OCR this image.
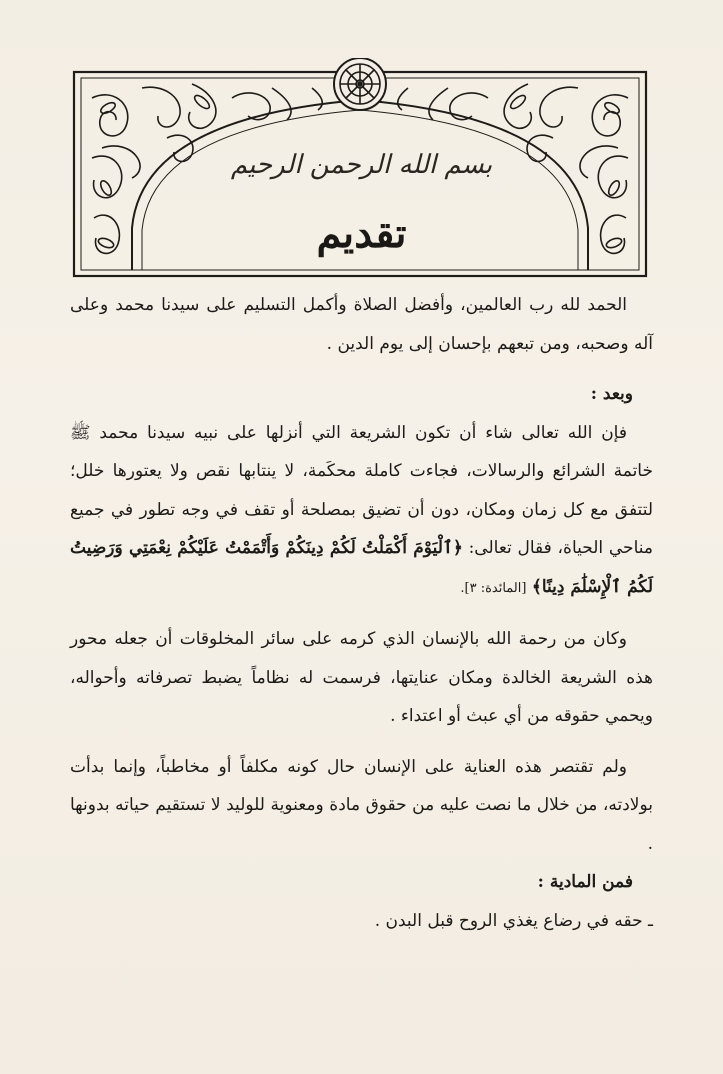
بسم الله الرحمن الرحيم
تقديم

الحمد لله رب العالمين، وأفضل الصلاة وأكمل التسليم على سيدنا محمد وعلى آله وصحبه، ومن تبعهم بإحسان إلى يوم الدين .

وبعد :

فإن الله تعالى شاء أن تكون الشريعة التي أنزلها على نبيه سيدنا محمد ﷺ خاتمة الشرائع والرسالات، فجاءت كاملة محكَمة، لا ينتابها نقص ولا يعتورها خلل؛ لتتفق مع كل زمان ومكان، دون أن تضيق بمصلحة أو تقف في وجه تطور في جميع مناحي الحياة، فقال تعالى: ﴿ٱلْيَوْمَ أَكْمَلْتُ لَكُمْ دِينَكُمْ وَأَتْمَمْتُ عَلَيْكُمْ نِعْمَتِي وَرَضِيتُ لَكُمُ ٱلْإِسْلَٰمَ دِينًا﴾ [المائدة: ٣].

وكان من رحمة الله بالإنسان الذي كرمه على سائر المخلوقات أن جعله محور هذه الشريعة الخالدة ومكان عنايتها، فرسمت له نظاماً يضبط تصرفاته وأحواله، ويحمي حقوقه من أي عبث أو اعتداء .

ولم تقتصر هذه العناية على الإنسان حال كونه مكلفاً أو مخاطباً، وإنما بدأت بولادته، من خلال ما نصت عليه من حقوق مادة ومعنوية للوليد لا تستقيم حياته بدونها .

فمن المادية :

ـ حقه في رضاع يغذي الروح قبل البدن .
